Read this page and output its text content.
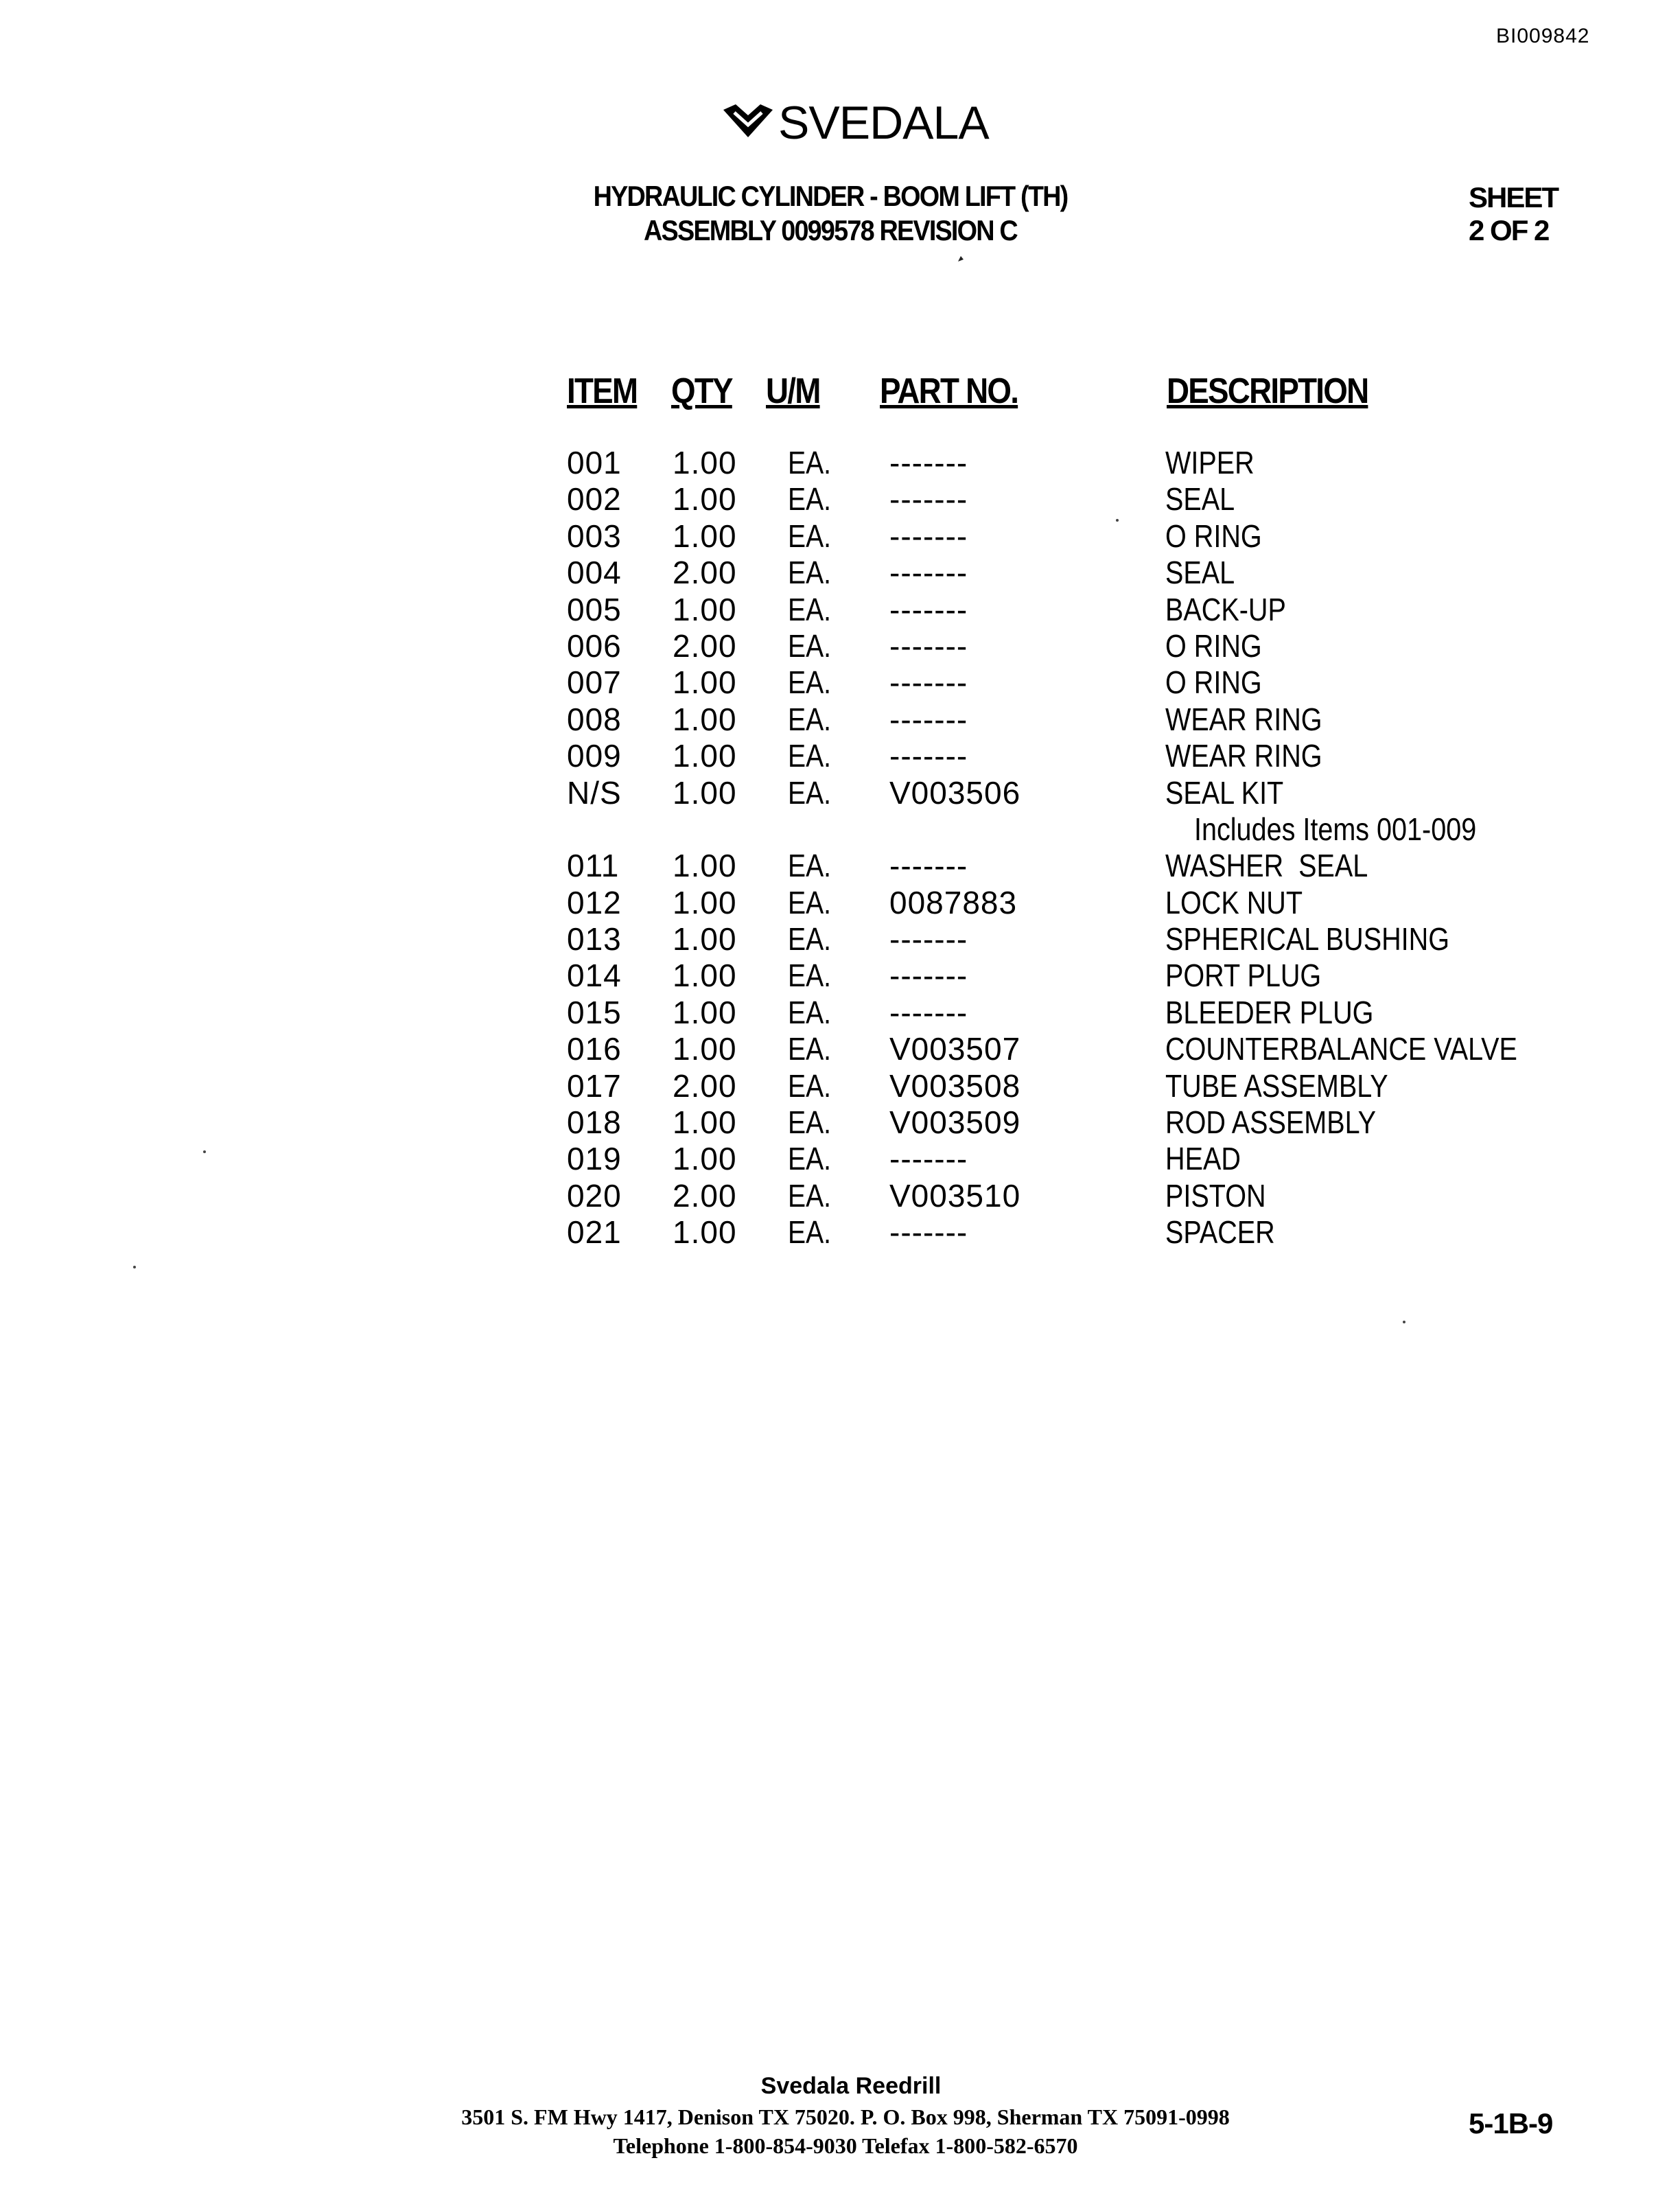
BI009842
SVEDALA
HYDRAULIC CYLINDER - BOOM LIFT (TH)
ASSEMBLY 0099578 REVISION C
SHEET
2 OF 2
ITEM QTY U/M PART NO.	DESCRIPTION
001 1.00 EA. -------	WIPER
002 1.00 EA. -------	SEAL
003 1.00 EA. -------	O RING
004 2.00 EA. -------	SEAL
005 1.00 EA. -------	BACK-UP
006 2.00 EA. -------	O RING
007 1.00 EA. -------	O RING
008 1.00 EA. -------	WEAR RING
009 1.00 EA. -------	WEAR RING
N/S 1.00 EA. V003506	SEAL KIT
Includes Items 001-009
011 1.00 EA. -------	WASHER  SEAL
012 1.00 EA. 0087883	LOCK NUT
013 1.00 EA. -------	SPHERICAL BUSHING
014 1.00 EA. -------	PORT PLUG
015 1.00 EA. -------	BLEEDER PLUG
016 1.00 EA. V003507	COUNTERBALANCE VALVE
017 2.00 EA. V003508	TUBE ASSEMBLY
018 1.00 EA. V003509	ROD ASSEMBLY
019 1.00 EA. -------	HEAD
020 2.00 EA. V003510	PISTON
021 1.00 EA. -------	SPACER
Svedala Reedrill
3501 S. FM Hwy 1417, Denison TX 75020. P. O. Box 998, Sherman TX 75091-0998
Telephone 1-800-854-9030 Telefax 1-800-582-6570
5-1B-9
